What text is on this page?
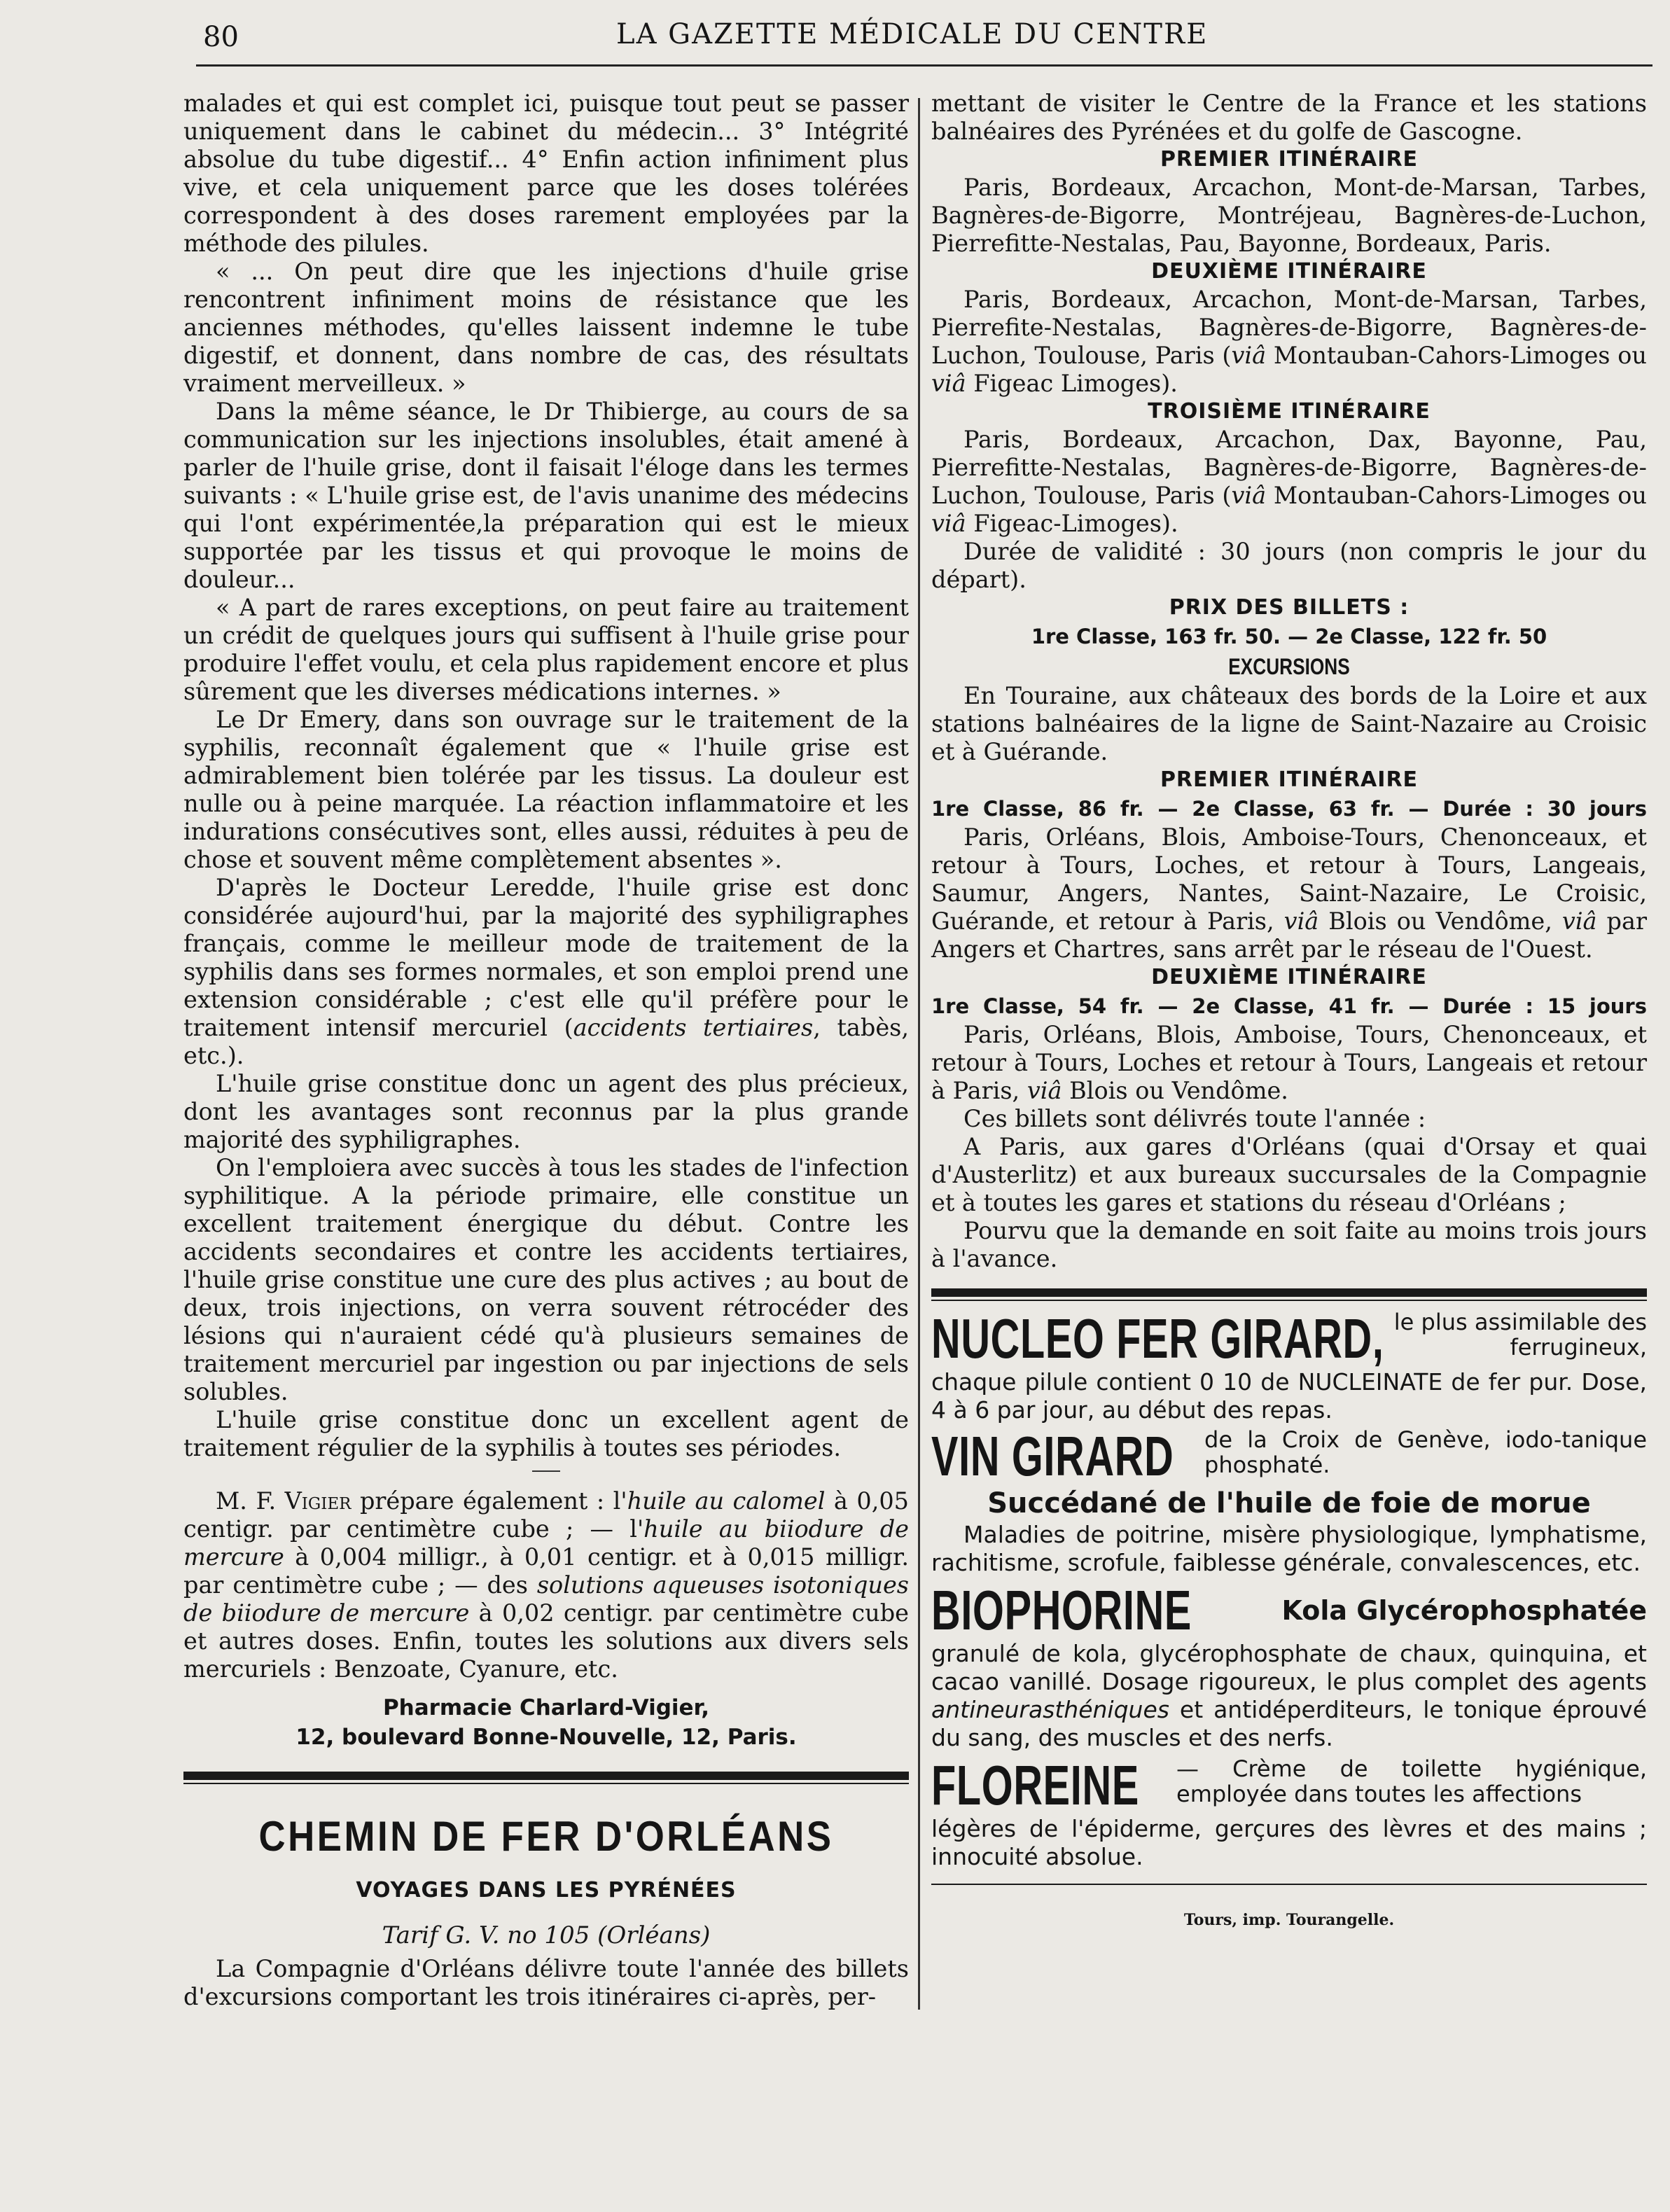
80	LA GAZETTE MÉDICALE DU CENTRE

malades et qui est complet ici, puisque tout peut se passer uniquement dans le cabinet du médecin... 3° Intégrité absolue du tube digestif... 4° Enfin action infiniment plus vive, et cela uniquement parce que les doses tolérées correspondent à des doses rarement employées par la méthode des pilules.

« ... On peut dire que les injections d'huile grise rencontrent infiniment moins de résistance que les anciennes méthodes, qu'elles laissent indemne le tube digestif, et donnent, dans nombre de cas, des résultats vraiment merveilleux. »

Dans la même séance, le Dr Thibierge, au cours de sa communication sur les injections insolubles, était amené à parler de l'huile grise, dont il faisait l'éloge dans les termes suivants : « L'huile grise est, de l'avis unanime des médecins qui l'ont expérimentée,la préparation qui est le mieux supportée par les tissus et qui provoque le moins de douleur...

« A part de rares exceptions, on peut faire au traitement un crédit de quelques jours qui suffisent à l'huile grise pour produire l'effet voulu, et cela plus rapidement encore et plus sûrement que les diverses médications internes. »

Le Dr Emery, dans son ouvrage sur le traitement de la syphilis, reconnaît également que « l'huile grise est admirablement bien tolérée par les tissus. La douleur est nulle ou à peine marquée. La réaction inflammatoire et les indurations consécutives sont, elles aussi, réduites à peu de chose et souvent même complètement absentes ».

D'après le Docteur Leredde, l'huile grise est donc considérée aujourd'hui, par la majorité des syphiligraphes français, comme le meilleur mode de traitement de la syphilis dans ses formes normales, et son emploi prend une extension considérable ; c'est elle qu'il préfère pour le traitement intensif mercuriel (accidents tertiaires, tabès, etc.).

L'huile grise constitue donc un agent des plus précieux, dont les avantages sont reconnus par la plus grande majorité des syphiligraphes.

On l'emploiera avec succès à tous les stades de l'infection syphilitique. A la période primaire, elle constitue un excellent traitement énergique du début. Contre les accidents secondaires et contre les accidents tertiaires, l'huile grise constitue une cure des plus actives ; au bout de deux, trois injections, on verra souvent rétrocéder des lésions qui n'auraient cédé qu'à plusieurs semaines de traitement mercuriel par ingestion ou par injections de sels solubles.

L'huile grise constitue donc un excellent agent de traitement régulier de la syphilis à toutes ses périodes.

M. F. Vigier prépare également : l'huile au calomel à 0,05 centigr. par centimètre cube ; — l'huile au biiodure de mercure à 0,004 milligr., à 0,01 centigr. et à 0,015 milligr. par centimètre cube ; — des solutions aqueuses isotoniques de biiodure de mercure à 0,02 centigr. par centimètre cube et autres doses. Enfin, toutes les solutions aux divers sels mercuriels : Benzoate, Cyanure, etc.

Pharmacie Charlard-Vigier,
12, boulevard Bonne-Nouvelle, 12, Paris.
CHEMIN DE FER D'ORLÉANS
VOYAGES DANS LES PYRÉNÉES
Tarif G. V. no 105 (Orléans)

La Compagnie d'Orléans délivre toute l'année des billets d'excursions comportant les trois itinéraires ci-après, per-

mettant de visiter le Centre de la France et les stations balnéaires des Pyrénées et du golfe de Gascogne.

PREMIER ITINÉRAIRE

Paris, Bordeaux, Arcachon, Mont-de-Marsan, Tarbes, Bagnères-de-Bigorre, Montréjeau, Bagnères-de-Luchon, Pierrefitte-Nestalas, Pau, Bayonne, Bordeaux, Paris.

DEUXIÈME ITINÉRAIRE

Paris, Bordeaux, Arcachon, Mont-de-Marsan, Tarbes, Pierrefite-Nestalas, Bagnères-de-Bigorre, Bagnères-de-Luchon, Toulouse, Paris (viâ Montauban-Cahors-Limoges ou viâ Figeac Limoges).

TROISIÈME ITINÉRAIRE

Paris, Bordeaux, Arcachon, Dax, Bayonne, Pau, Pierrefitte-Nestalas, Bagnères-de-Bigorre, Bagnères-de-Luchon, Toulouse, Paris (viâ Montauban-Cahors-Limoges ou viâ Figeac-Limoges).

Durée de validité : 30 jours (non compris le jour du départ).

PRIX DES BILLETS :
1re Classe, 163 fr. 50. — 2e Classe, 122 fr. 50
EXCURSIONS

En Touraine, aux châteaux des bords de la Loire et aux stations balnéaires de la ligne de Saint-Nazaire au Croisic et à Guérande.

PREMIER ITINÉRAIRE
1re Classe, 86 fr. — 2e Classe, 63 fr. — Durée : 30 jours

Paris, Orléans, Blois, Amboise-Tours, Chenonceaux, et retour à Tours, Loches, et retour à Tours, Langeais, Saumur, Angers, Nantes, Saint-Nazaire, Le Croisic, Guérande, et retour à Paris, viâ Blois ou Vendôme, viâ par Angers et Chartres, sans arrêt par le réseau de l'Ouest.

DEUXIÈME ITINÉRAIRE
1re Classe, 54 fr. — 2e Classe, 41 fr. — Durée : 15 jours

Paris, Orléans, Blois, Amboise, Tours, Chenonceaux, et retour à Tours, Loches et retour à Tours, Langeais et retour à Paris, viâ Blois ou Vendôme.

Ces billets sont délivrés toute l'année :

A Paris, aux gares d'Orléans (quai d'Orsay et quai d'Austerlitz) et aux bureaux succursales de la Compagnie et à toutes les gares et stations du réseau d'Orléans ;

Pourvu que la demande en soit faite au moins trois jours à l'avance.

NUCLEO FER GIRARD, le plus assimilable des ferrugineux,

chaque pilule contient 0 10 de NUCLEINATE de fer pur. Dose, 4 à 6 par jour, au début des repas.

VIN GIRARD	de la Croix de Genève, iodo-tanique phosphaté.
Succédané de l'huile de foie de morue

Maladies de poitrine, misère physiologique, lymphatisme, rachitisme, scrofule, faiblesse générale, convalescences, etc.

BIOPHORINE	Kola Glycérophosphatée

granulé de kola, glycérophosphate de chaux, quinquina, et cacao vanillé. Dosage rigoureux, le plus complet des agents antineurasthéniques et antidéperditeurs, le tonique éprouvé du sang, des muscles et des nerfs.

FLOREINE	— Crème de toilette hygiénique, employée dans toutes les affections

légères de l'épiderme, gerçures des lèvres et des mains ; innocuité absolue.

Tours, imp. Tourangelle.
